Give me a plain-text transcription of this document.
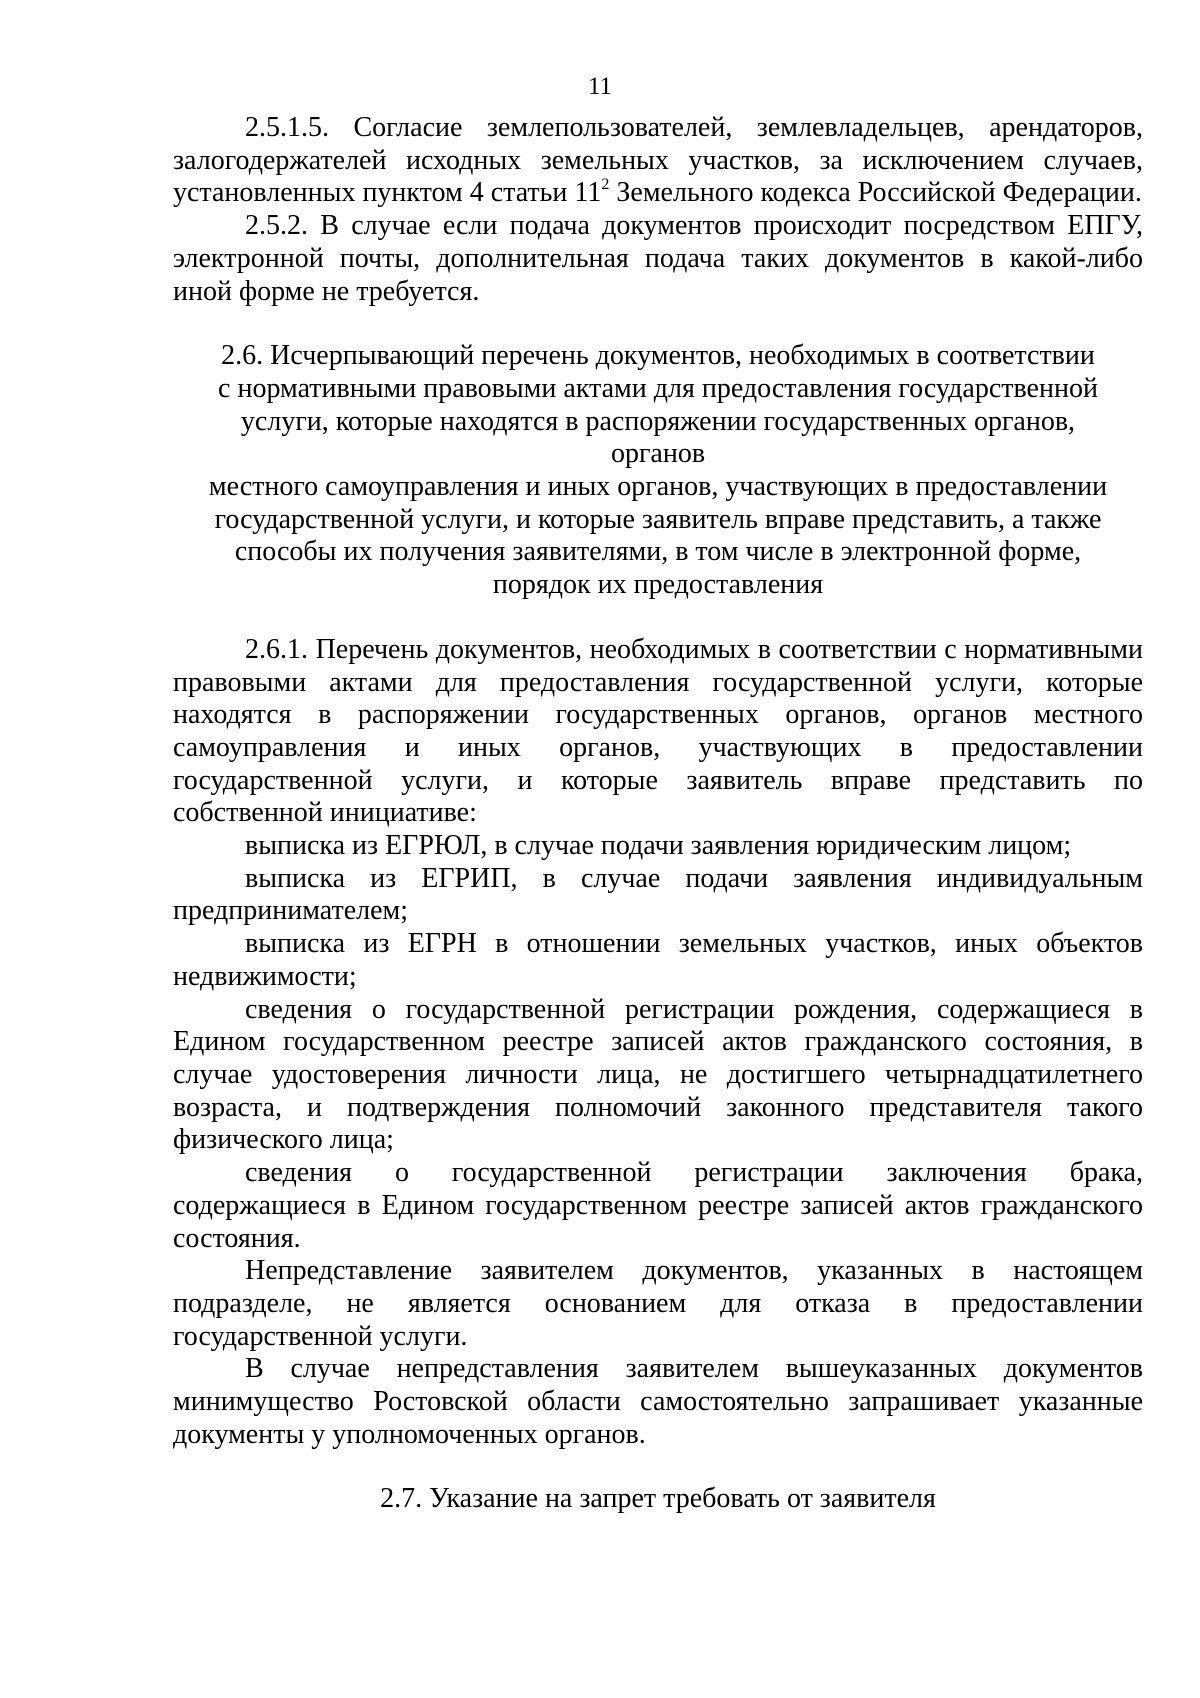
11

2.5.1.5. Согласие землепользователей, землевладельцев, арендаторов, залогодержателей исходных земельных участков, за исключением случаев, установленных пунктом 4 статьи $11^2$ Земельного кодекса Российской Федерации.

2.5.2. В случае если подача документов происходит посредством ЕПГУ, электронной почты, дополнительная подача таких документов в какой-либо иной форме не требуется.

2.6. Исчерпывающий перечень документов, необходимых в соответствии
с нормативными правовыми актами для предоставления государственной
услуги, которые находятся в распоряжении государственных органов, органов
местного самоуправления и иных органов, участвующих в предоставлении
государственной услуги, и которые заявитель вправе представить, а также
способы их получения заявителями, в том числе в электронной форме,
порядок их предоставления

2.6.1. Перечень документов, необходимых в соответствии с нормативными правовыми актами для предоставления государственной услуги, которые находятся в распоряжении государственных органов, органов местного самоуправления и иных органов, участвующих в предоставлении государственной услуги, и которые заявитель вправе представить по собственной инициативе:

выписка из ЕГРЮЛ, в случае подачи заявления юридическим лицом;

выписка из ЕГРИП, в случае подачи заявления индивидуальным предпринимателем;

выписка из ЕГРН в отношении земельных участков, иных объектов недвижимости;

сведения о государственной регистрации рождения, содержащиеся в Едином государственном реестре записей актов гражданского состояния, в случае удостоверения личности лица, не достигшего четырнадцатилетнего возраста, и подтверждения полномочий законного представителя такого физического лица;

сведения о государственной регистрации заключения брака, содержащиеся в Едином государственном реестре записей актов гражданского состояния.

Непредставление заявителем документов, указанных в настоящем подразделе, не является основанием для отказа в предоставлении государственной услуги.

В случае непредставления заявителем вышеуказанных документов минимущество Ростовской области самостоятельно запрашивает указанные документы у уполномоченных органов.

2.7. Указание на запрет требовать от заявителя
